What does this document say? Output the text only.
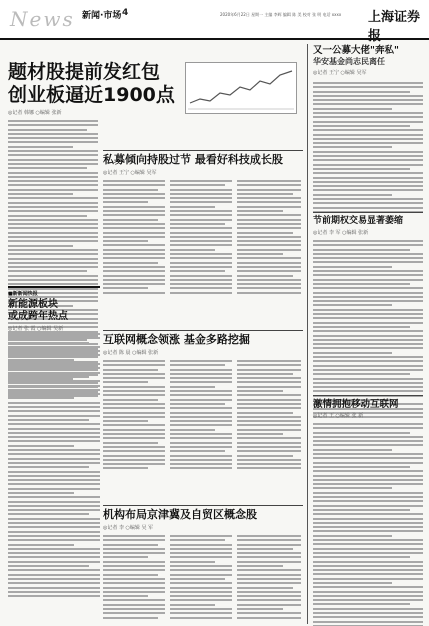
News 新闻·市场 4	2020年6月22日 星期一 主编 李辉 编辑 陈 美 校对 张 明 电话 xxxx	上海证券报
题材股提前发红包
创业板逼近1900点
◎记者 韩娜 ○编辑 张新
私募倾向持股过节 最看好科技成长股
◎记者 王宁 ○编辑 吴军
■新新闻快报
新能源板块
或成跨年热点
◎记者 张 霞 ○编辑 吴新
互联网概念领涨 基金多路挖掘
◎记者 陈 晨 ○编辑 张新
机构布局京津冀及自贸区概念股
◎记者 李 ○编辑 吴 军
又一公募大佬"奔私"
华安基金尚志民离任
◎记者 王宁 ○编辑 吴军
节前期权交易显著萎缩
◎记者 李 军 ○编辑 张新
激情拥抱移动互联网
◎记者 王 ○编辑 张 新
